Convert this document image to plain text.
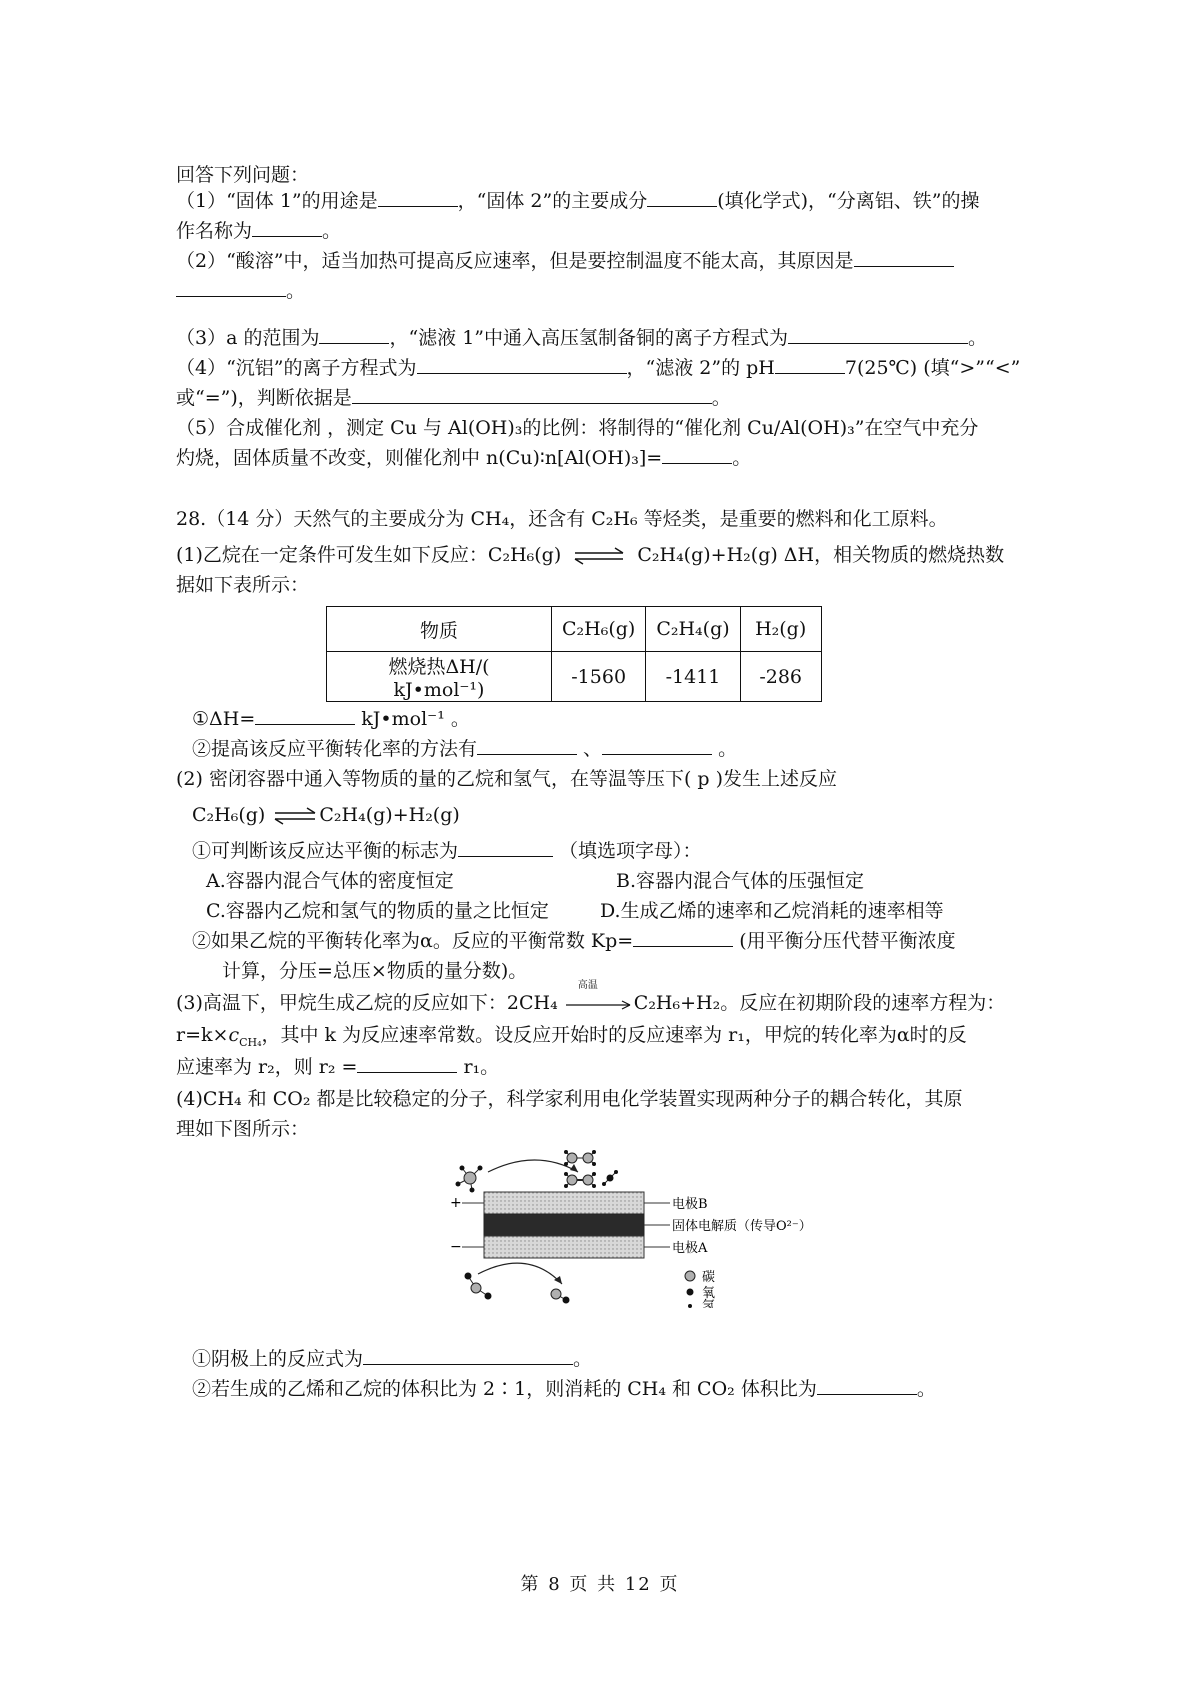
回答下列问题：
（1）“固体 1”的用途是	，“固体 2”的主要成分	(填化学式)，“分离铝、铁”的操
作名称为	。
（2）“酸溶”中，适当加热可提高反应速率，但是要控制温度不能太高，其原因是
。
（3）a 的范围为	，“滤液 1”中通入高压氢制备铜的离子方程式为	。
（4）“沉铝”的离子方程式为	，“滤液 2”的 pH	7(25℃) (填“>”“<”
或“=”)，判断依据是	。
（5）合成催化剂 ，测定 Cu 与 Al(OH)₃的比例：将制得的“催化剂 Cu/Al(OH)₃”在空气中充分
灼烧，固体质量不改变，则催化剂中 n(Cu)∶n[Al(OH)₃]=	。
28.（14 分）天然气的主要成分为 CH₄，还含有 C₂H₆ 等烃类，是重要的燃料和化工原料。
(1)乙烷在一定条件可发生如下反应：C₂H₆(g) ⇌ C₂H₄(g)+H₂(g) ΔH，相关物质的燃烧热数
据如下表所示：
物质	C₂H₆(g)	C₂H₄(g)	H₂(g)
燃烧热ΔH/(　kJ•mol⁻¹)	-1560	-1411	-286
①ΔH=	kJ•mol⁻¹ 。
②提高该反应平衡转化率的方法有	、	。
(2) 密闭容器中通入等物质的量的乙烷和氢气，在等温等压下( p )发生上述反应
C₂H₆(g) ⇌C₂H₄(g)+H₂(g)
①可判断该反应达平衡的标志为	（填选项字母）：
A.容器内混合气体的密度恒定	B.容器内混合气体的压强恒定
C.容器内乙烷和氢气的物质的量之比恒定	D.生成乙烯的速率和乙烷消耗的速率相等
②如果乙烷的平衡转化率为α。反应的平衡常数 Kp=	(用平衡分压代替平衡浓度
计算，分压=总压×物质的量分数)。
(3)高温下，甲烷生成乙烷的反应如下：2CH₄
高温
C₂H₆+H₂。反应在初期阶段的速率方程为：
$r=k\times c_{CH_4}$，其中 k 为反应速率常数。设反应开始时的反应速率为 r₁，甲烷的转化率为α时的反
应速率为 r₂，则 r₂ =	r₁。
(4)CH₄ 和 CO₂ 都是比较稳定的分子，科学家利用电化学装置实现两种分子的耦合转化，其原
理如下图所示：
+
−
电极B
固体电解质（传导O²⁻）
电极A
碳
氧
氢
①阴极上的反应式为	。
②若生成的乙烯和乙烷的体积比为 2∶1，则消耗的 CH₄ 和 CO₂ 体积比为	。
第 8 页 共 12 页
